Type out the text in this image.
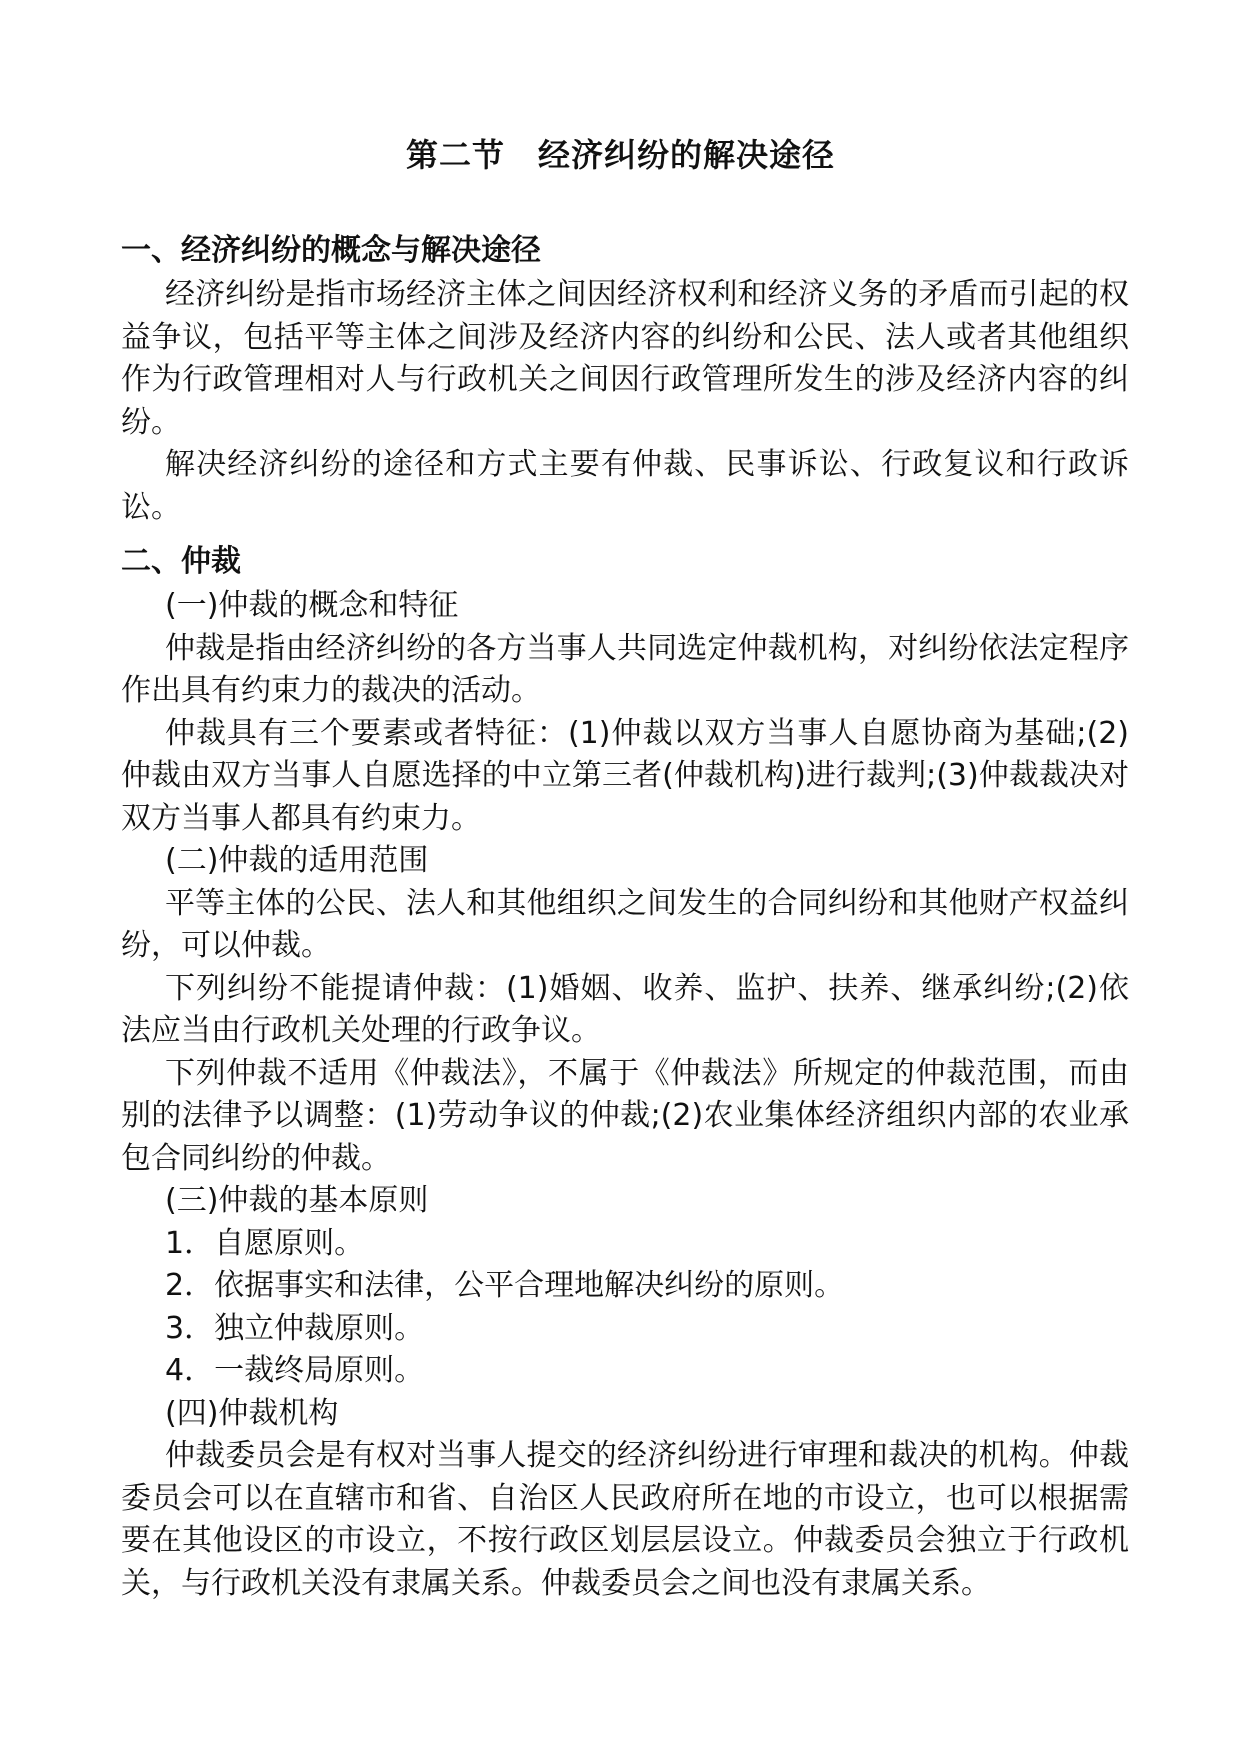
第二节　经济纠纷的解决途径

一、经济纠纷的概念与解决途径

经济纠纷是指市场经济主体之间因经济权利和经济义务的矛盾而引起的权益争议，包括平等主体之间涉及经济内容的纠纷和公民、法人或者其他组织作为行政管理相对人与行政机关之间因行政管理所发生的涉及经济内容的纠纷。

解决经济纠纷的途径和方式主要有仲裁、民事诉讼、行政复议和行政诉讼。

二、仲裁

(一)仲裁的概念和特征

仲裁是指由经济纠纷的各方当事人共同选定仲裁机构，对纠纷依法定程序作出具有约束力的裁决的活动。

仲裁具有三个要素或者特征：(1)仲裁以双方当事人自愿协商为基础;(2)仲裁由双方当事人自愿选择的中立第三者(仲裁机构)进行裁判;(3)仲裁裁决对双方当事人都具有约束力。

(二)仲裁的适用范围

平等主体的公民、法人和其他组织之间发生的合同纠纷和其他财产权益纠纷，可以仲裁。

下列纠纷不能提请仲裁：(1)婚姻、收养、监护、扶养、继承纠纷;(2)依法应当由行政机关处理的行政争议。

下列仲裁不适用《仲裁法》，不属于《仲裁法》所规定的仲裁范围，而由别的法律予以调整：(1)劳动争议的仲裁;(2)农业集体经济组织内部的农业承包合同纠纷的仲裁。

(三)仲裁的基本原则

1．自愿原则。

2．依据事实和法律，公平合理地解决纠纷的原则。

3．独立仲裁原则。

4．一裁终局原则。

(四)仲裁机构

仲裁委员会是有权对当事人提交的经济纠纷进行审理和裁决的机构。仲裁委员会可以在直辖市和省、自治区人民政府所在地的市设立，也可以根据需要在其他设区的市设立，不按行政区划层层设立。仲裁委员会独立于行政机关，与行政机关没有隶属关系。仲裁委员会之间也没有隶属关系。
